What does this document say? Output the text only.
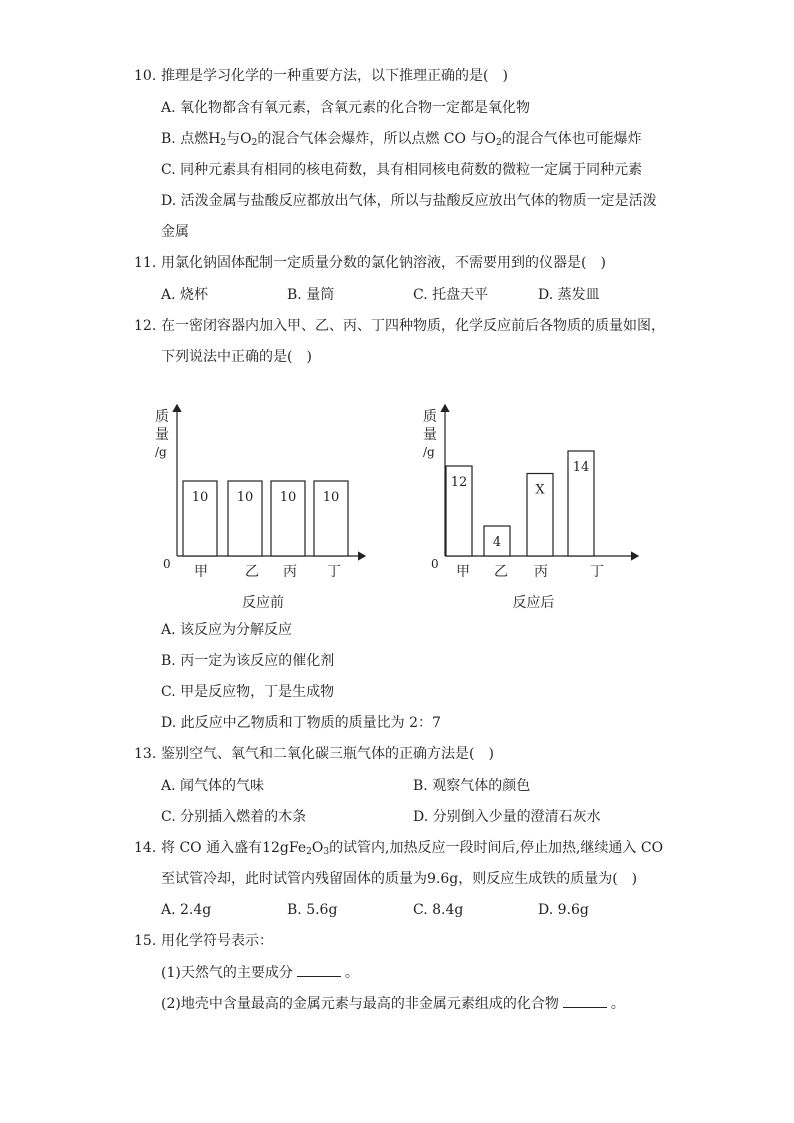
10. 推理是学习化学的一种重要方法，以下推理正确的是(　)
A. 氧化物都含有氧元素，含氧元素的化合物一定都是氧化物
B. 点燃$H_2$与$O_2$的混合气体会爆炸，所以点燃 CO 与$O_2$的混合气体也可能爆炸
C. 同种元素具有相同的核电荷数，具有相同核电荷数的微粒一定属于同种元素
D. 活泼金属与盐酸反应都放出气体，所以与盐酸反应放出气体的物质一定是活泼
金属
11. 用氯化钠固体配制一定质量分数的氯化钠溶液，不需要用到的仪器是(　)
A. 烧杯	B. 量筒	C. 托盘天平	D. 蒸发皿
12. 在一密闭容器内加入甲、乙、丙、丁四种物质，化学反应前后各物质的质量如图，
下列说法中正确的是(　)
质
量
/g
0
10
甲
10
乙
10
丙
10
丁
反应前
质
量
/g
0
12
甲
4
乙
X
丙
14
丁
反应后
A. 该反应为分解反应
B. 丙一定为该反应的催化剂
C. 甲是反应物，丁是生成物
D. 此反应中乙物质和丁物质的质量比为 2：7
13. 鉴别空气、氧气和二氧化碳三瓶气体的正确方法是(　)
A. 闻气体的气味	B. 观察气体的颜色
C. 分别插入燃着的木条	D. 分别倒入少量的澄清石灰水
14. 将 CO 通入盛有$12gFe_2O_3$的试管内,加热反应一段时间后,停止加热,继续通入 CO
至试管冷却，此时试管内残留固体的质量为9.6g，则反应生成铁的质量为(　)
A. 2.4g	B. 5.6g	C. 8.4g	D. 9.6g
15. 用化学符号表示：
(1)天然气的主要成分	。
(2)地壳中含量最高的金属元素与最高的非金属元素组成的化合物	。
